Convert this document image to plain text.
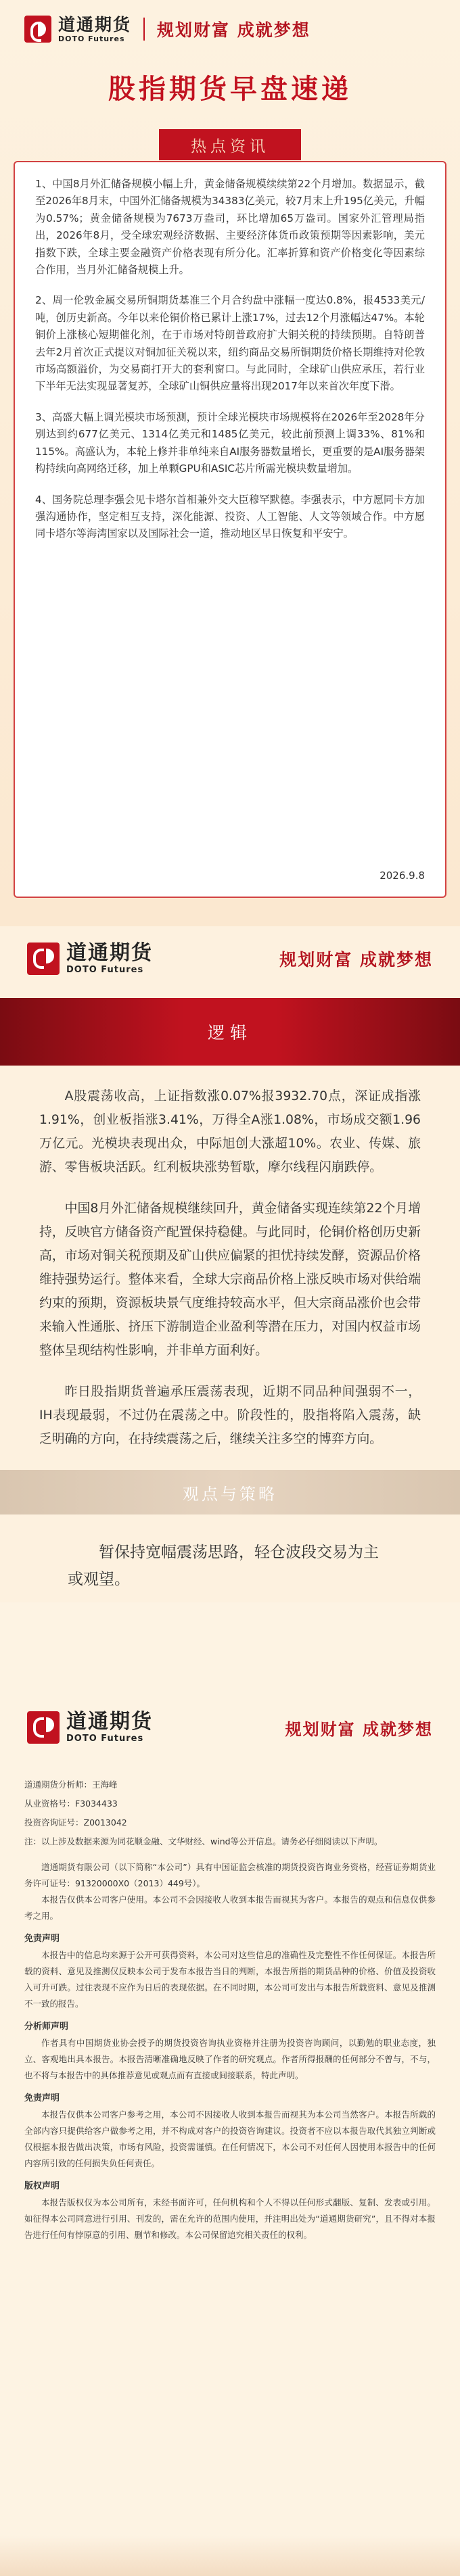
道通期货
DOTO Futures	规划财富 成就梦想
股指期货早盘速递
热点资讯

1、中国8月外汇储备规模小幅上升，黄金储备规模续续第22个月增加。数据显示，截至2026年8月末，中国外汇储备规模为34383亿美元，较7月末上升195亿美元，升幅为0.57%；黄金储备规模为7673万盎司，环比增加65万盎司。国家外汇管理局指出，2026年8月，受全球宏观经济数据、主要经济体货币政策预期等因素影响，美元指数下跌，全球主要金融资产价格表现有所分化。汇率折算和资产价格变化等因素综合作用，当月外汇储备规模上升。

2、周一伦敦金属交易所铜期货基准三个月合约盘中涨幅一度达0.8%，报4533美元/吨，创历史新高。今年以来伦铜价格已累计上涨17%，过去12个月涨幅达47%。本轮铜价上涨核心短期催化剂，在于市场对特朗普政府扩大铜关税的持续预期。自特朗普去年2月首次正式提议对铜加征关税以来，纽约商品交易所铜期货价格长期维持对伦敦市场高额溢价，为交易商打开大的套利窗口。与此同时，全球矿山供应承压，若行业下半年无法实现显著复苏，全球矿山铜供应量将出现2017年以来首次年度下滑。

3、高盛大幅上调光模块市场预测，预计全球光模块市场规模将在2026年至2028年分别达到约677亿美元、1314亿美元和1485亿美元，较此前预测上调33%、81%和115%。高盛认为，本轮上修并非单纯来自AI服务器数量增长，更重要的是AI服务器架构持续向高网络迁移，加上单颗GPU和ASIC芯片所需光模块数量增加。

4、国务院总理李强会见卡塔尔首相兼外交大臣穆罕默德。李强表示，中方愿同卡方加强沟通协作，坚定相互支持，深化能源、投资、人工智能、人文等领域合作。中方愿同卡塔尔等海湾国家以及国际社会一道，推动地区早日恢复和平安宁。

2026.9.8
道通期货
DOTO Futures
规划财富 成就梦想
逻辑

A股震荡收高，上证指数涨0.07%报3932.70点，深证成指涨1.91%，创业板指涨3.41%，万得全A涨1.08%，市场成交额1.96万亿元。光模块表现出众，中际旭创大涨超10%。农业、传媒、旅游、零售板块活跃。红利板块涨势暂歇，摩尔线程闪崩跌停。

中国8月外汇储备规模继续回升，黄金储备实现连续第22个月增持，反映官方储备资产配置保持稳健。与此同时，伦铜价格创历史新高，市场对铜关税预期及矿山供应偏紧的担忧持续发酵，资源品价格维持强势运行。整体来看，全球大宗商品价格上涨反映市场对供给端约束的预期，资源板块景气度维持较高水平，但大宗商品涨价也会带来输入性通胀、挤压下游制造企业盈利等潜在压力，对国内权益市场整体呈现结构性影响，并非单方面利好。

昨日股指期货普遍承压震荡表现，近期不同品种间强弱不一，IH表现最弱，不过仍在震荡之中。阶段性的，股指将陷入震荡，缺乏明确的方向，在持续震荡之后，继续关注多空的博弈方向。

观点与策略
暂保持宽幅震荡思路，轻仓波段交易为主或观望。
道通期货
DOTO Futures	规划财富 成就梦想
道通期货分析师：王海峰
从业资格号：F3034433
投资咨询证号：Z0013042
注：以上涉及数据来源为同花顺金融、文华财经、wind等公开信息。请务必仔细阅读以下声明。

道通期货有限公司（以下简称“本公司”）具有中国证监会核准的期货投资咨询业务资格，经营证券期货业务许可证号：91320000X0（2013）449号）。

本报告仅供本公司客户使用。本公司不会因接收人收到本报告而视其为客户。本报告的观点和信息仅供参考之用。

免责声明

本报告中的信息均来源于公开可获得资料，本公司对这些信息的准确性及完整性不作任何保证。本报告所载的资料、意见及推测仅反映本公司于发布本报告当日的判断，本报告所指的期货品种的价格、价值及投资收入可升可跌。过往表现不应作为日后的表现依据。在不同时期，本公司可发出与本报告所载资料、意见及推测不一致的报告。

分析师声明

作者具有中国期货业协会授予的期货投资咨询执业资格并注册为投资咨询顾问，以勤勉的职业态度，独立、客观地出具本报告。本报告清晰准确地反映了作者的研究观点。作者所得报酬的任何部分不曾与，不与，也不将与本报告中的具体推荐意见或观点而有直接或间接联系，特此声明。

免责声明

本报告仅供本公司客户参考之用，本公司不因接收人收到本报告而视其为本公司当然客户。本报告所载的全部内容只提供给客户做参考之用，并不构成对客户的投资咨询建议。投资者不应以本报告取代其独立判断或仅根据本报告做出决策，市场有风险，投资需谨慎。在任何情况下，本公司不对任何人因使用本报告中的任何内容所引致的任何损失负任何责任。

版权声明

本报告版权仅为本公司所有，未经书面许可，任何机构和个人不得以任何形式翻版、复制、发表或引用。如征得本公司同意进行引用、刊发的，需在允许的范围内使用，并注明出处为“道通期货研究”，且不得对本报告进行任何有悖原意的引用、删节和修改。本公司保留追究相关责任的权利。
